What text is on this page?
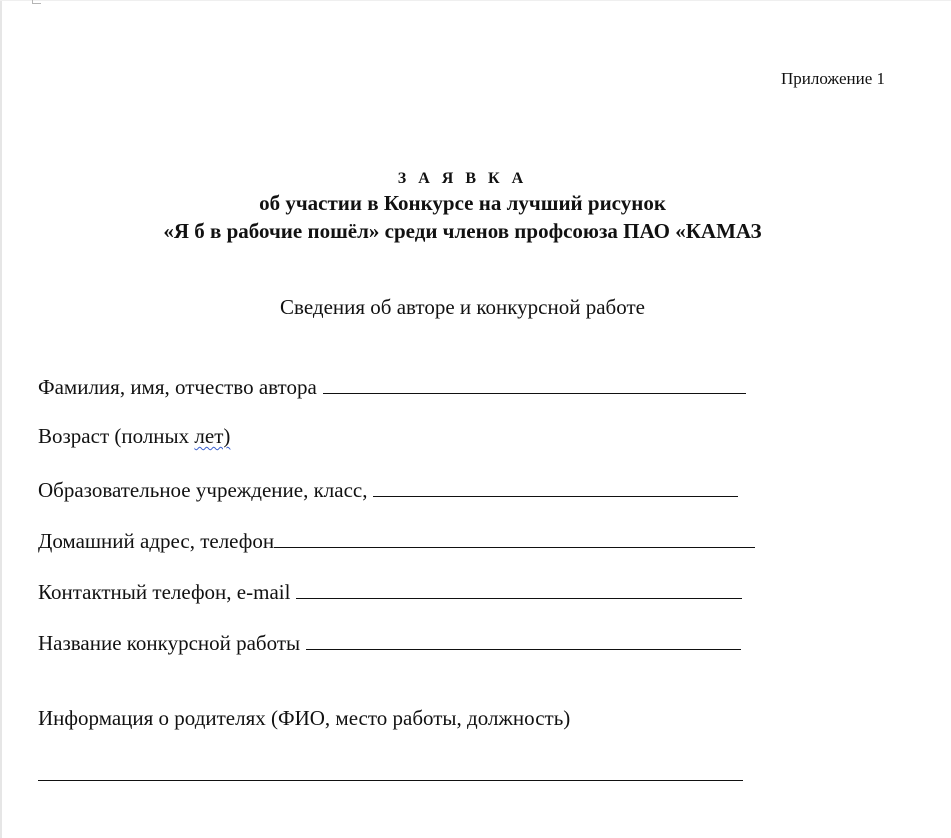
Приложение 1
З А Я В К А
об участии в Конкурсе на лучший рисунок
«Я б в рабочие пошёл» среди членов профсоюза ПАО «КАМАЗ
Сведения об авторе и конкурсной работе
Фамилия, имя, отчество автора
Возраст (полных лет)
Образовательное учреждение, класс,
Домашний адрес, телефон
Контактный телефон, e-mail
Название конкурсной работы
Информация о родителях (ФИО, место работы, должность)
